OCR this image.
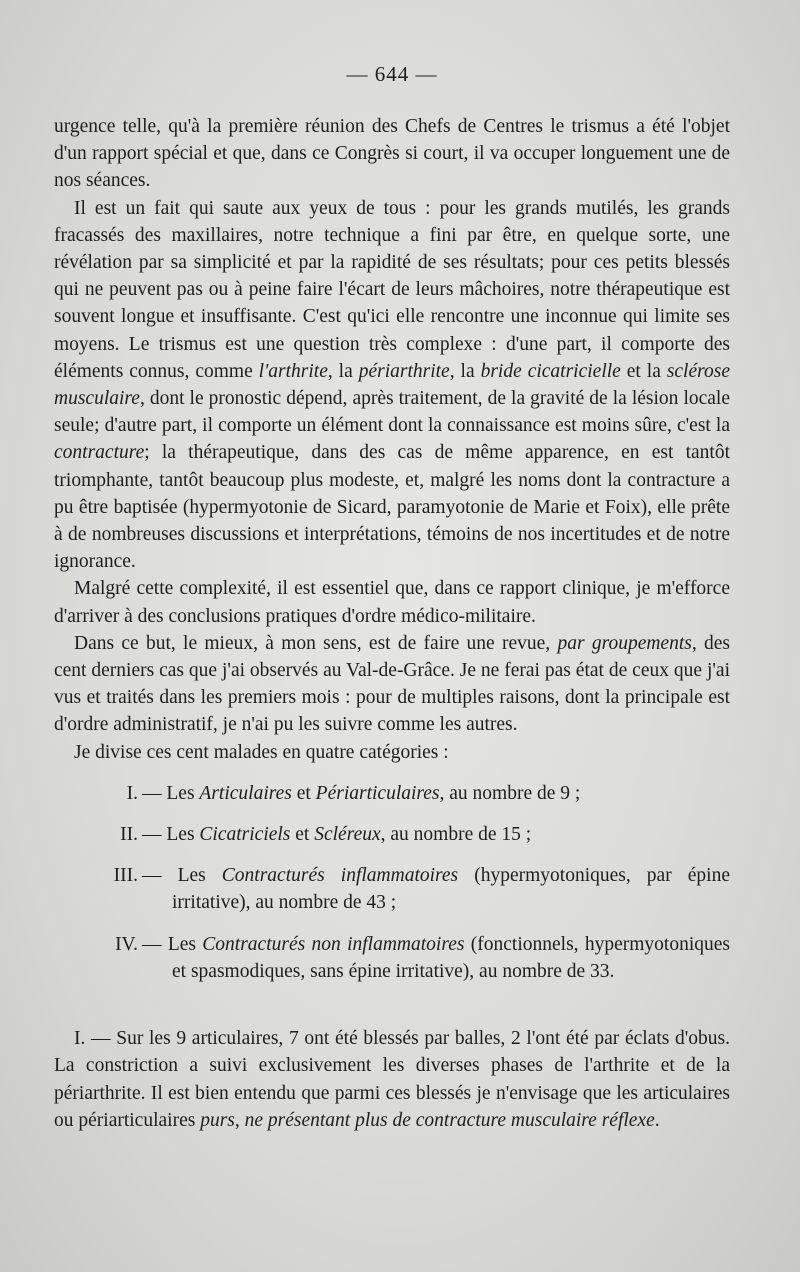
— 644 —

urgence telle, qu'à la première réunion des Chefs de Centres le trismus a été l'objet d'un rapport spécial et que, dans ce Congrès si court, il va occuper longuement une de nos séances.

Il est un fait qui saute aux yeux de tous : pour les grands mutilés, les grands fracassés des maxillaires, notre technique a fini par être, en quelque sorte, une révélation par sa simplicité et par la rapidité de ses résultats; pour ces petits blessés qui ne peuvent pas ou à peine faire l'écart de leurs mâchoires, notre thérapeutique est souvent longue et insuffisante. C'est qu'ici elle rencontre une inconnue qui limite ses moyens. Le trismus est une question très complexe : d'une part, il comporte des éléments connus, comme l'arthrite, la périarthrite, la bride cicatricielle et la sclérose musculaire, dont le pronostic dépend, après traitement, de la gravité de la lésion locale seule; d'autre part, il comporte un élément dont la connaissance est moins sûre, c'est la contracture; la thérapeutique, dans des cas de même apparence, en est tantôt triomphante, tantôt beaucoup plus modeste, et, malgré les noms dont la contracture a pu être baptisée (hypermyotonie de Sicard, paramyotonie de Marie et Foix), elle prête à de nombreuses discussions et interprétations, témoins de nos incertitudes et de notre ignorance.

Malgré cette complexité, il est essentiel que, dans ce rapport clinique, je m'efforce d'arriver à des conclusions pratiques d'ordre médico-militaire.

Dans ce but, le mieux, à mon sens, est de faire une revue, par groupements, des cent derniers cas que j'ai observés au Val-de-Grâce. Je ne ferai pas état de ceux que j'ai vus et traités dans les premiers mois : pour de multiples raisons, dont la principale est d'ordre administratif, je n'ai pu les suivre comme les autres.

Je divise ces cent malades en quatre catégories :

I. — Les Articulaires et Périarticulaires, au nombre de 9 ;
II. — Les Cicatriciels et Scléreux, au nombre de 15 ;
III. — Les Contracturés inflammatoires (hypermyotoniques, par épine irritative), au nombre de 43 ;
IV. — Les Contracturés non inflammatoires (fonctionnels, hypermyotoniques et spasmodiques, sans épine irritative), au nombre de 33.

I. — Sur les 9 articulaires, 7 ont été blessés par balles, 2 l'ont été par éclats d'obus. La constriction a suivi exclusivement les diverses phases de l'arthrite et de la périarthrite. Il est bien entendu que parmi ces blessés je n'envisage que les articulaires ou périarticulaires purs, ne présentant plus de contracture musculaire réflexe.
